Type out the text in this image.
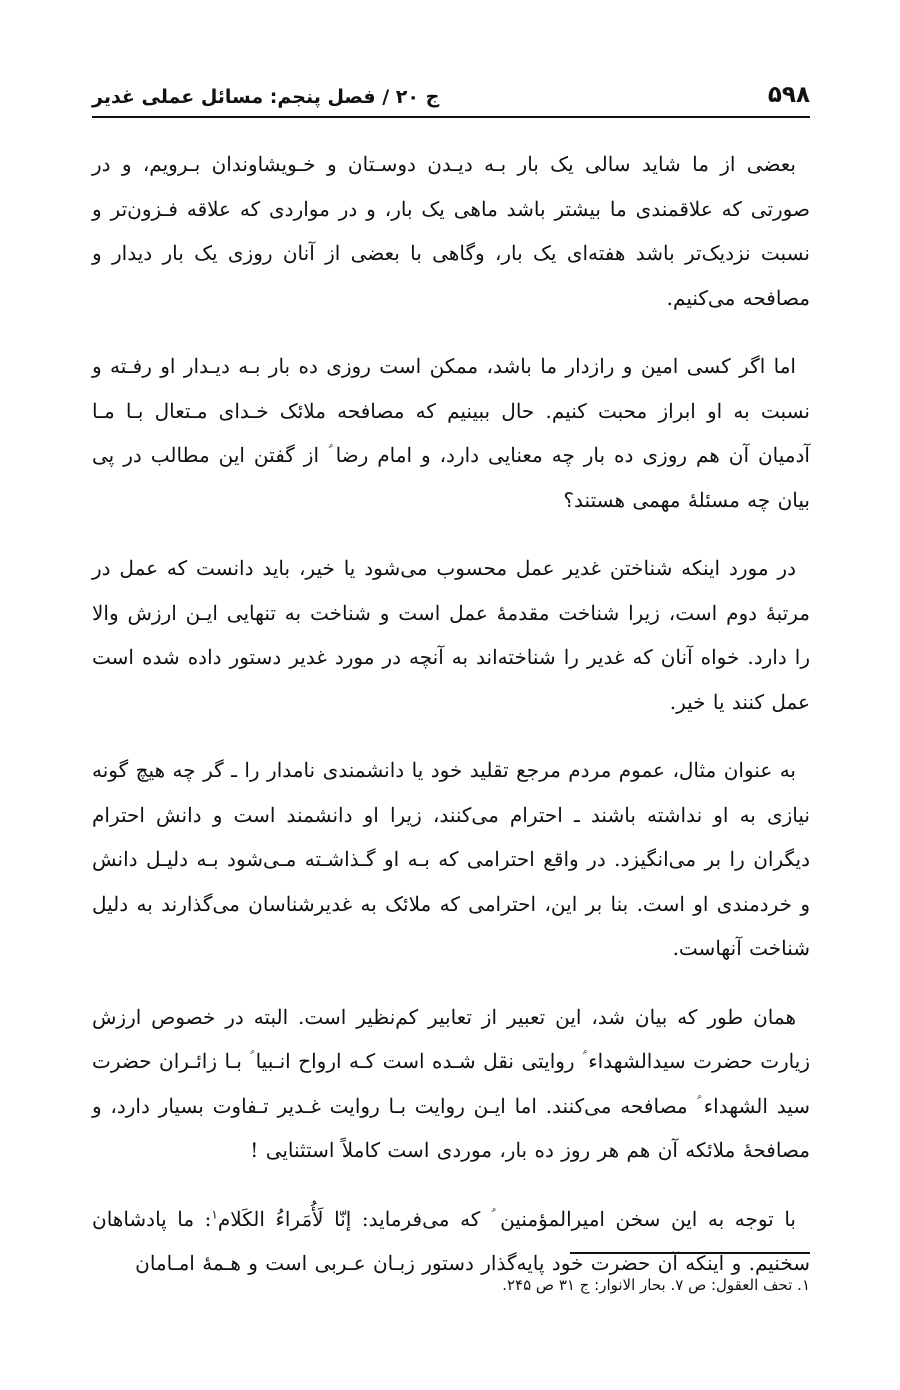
۵۹۸
ج ۲۰ / فصل پنجم: مسائل عملی غدیر

بعضی از ما شاید سالی یک بار بـه دیـدن دوسـتان و خـویشاوندان بـرویم، و در صورتی که علاقمندی ما بیشتر باشد ماهی یک بار، و در مواردی که علاقه فـزون‌تر و نسبت نزدیک‌تر باشد هفته‌ای یک بار، وگاهی با بعضی از آنان روزی یک بار دیدار و مصافحه می‌کنیم.

اما اگر کسی امین و رازدار ما باشد، ممکن است روزی ده بار بـه دیـدار او رفـته و نسبت به او ابراز محبت کنیم. حال ببینیم که مصافحه ملائک خـدای مـتعال بـا مـا آدمیان آن هم روزی ده بار چه معنایی دارد، و امام رضا ؑ از گفتن این مطالب در پی بیان چه مسئلهٔ مهمی هستند؟

در مورد اینکه شناختن غدیر عمل محسوب می‌شود یا خیر، باید دانست که عمل در مرتبهٔ دوم است، زیرا شناخت مقدمهٔ عمل است و شناخت به تنهایی ایـن ارزش والا را دارد. خواه آنان که غدیر را شناخته‌اند به آنچه در مورد غدیر دستور داده شده است عمل کنند یا خیر.

به عنوان مثال، عموم مردم مرجع تقلید خود یا دانشمندی نامدار را ـ گر چه هیچ گونه نیازی به او نداشته باشند ـ احترام می‌کنند، زیرا او دانشمند است و دانش احترام دیگران را بر می‌انگیزد. در واقع احترامی که بـه او گـذاشـته مـی‌شود بـه دلیـل دانش و خردمندی او است. بنا بر این، احترامی که ملائک به غدیرشناسان می‌گذارند به دلیل شناخت آنهاست.

همان طور که بیان شد، این تعبیر از تعابیر کم‌نظیر است. البته در خصوص ارزش زیارت حضرت سیدالشهداء ؑ روایتی نقل شـده است کـه ارواح انـبیا ؑ بـا زائـران حضرت سید الشهداء ؑ مصافحه می‌کنند. اما ایـن روایت بـا روایت غـدیر تـفاوت بسیار دارد، و مصافحهٔ ملائکه آن هم هر روز ده بار، موردی است کاملاً استثنایی !

با توجه به این سخن امیرالمؤمنین ؑ که می‌فرماید: إنّا لَأُمَراءُ الكَلام$^۱$: ما پادشاهان سخنیم. و اینکه آن حضرت خود پایه‌گذار دستور زبـان عـربی است و هـمهٔ امـامان

۱. تحف العقول: ص ۷. بحار الانوار: ج ۳۱ ص ۲۴۵.
